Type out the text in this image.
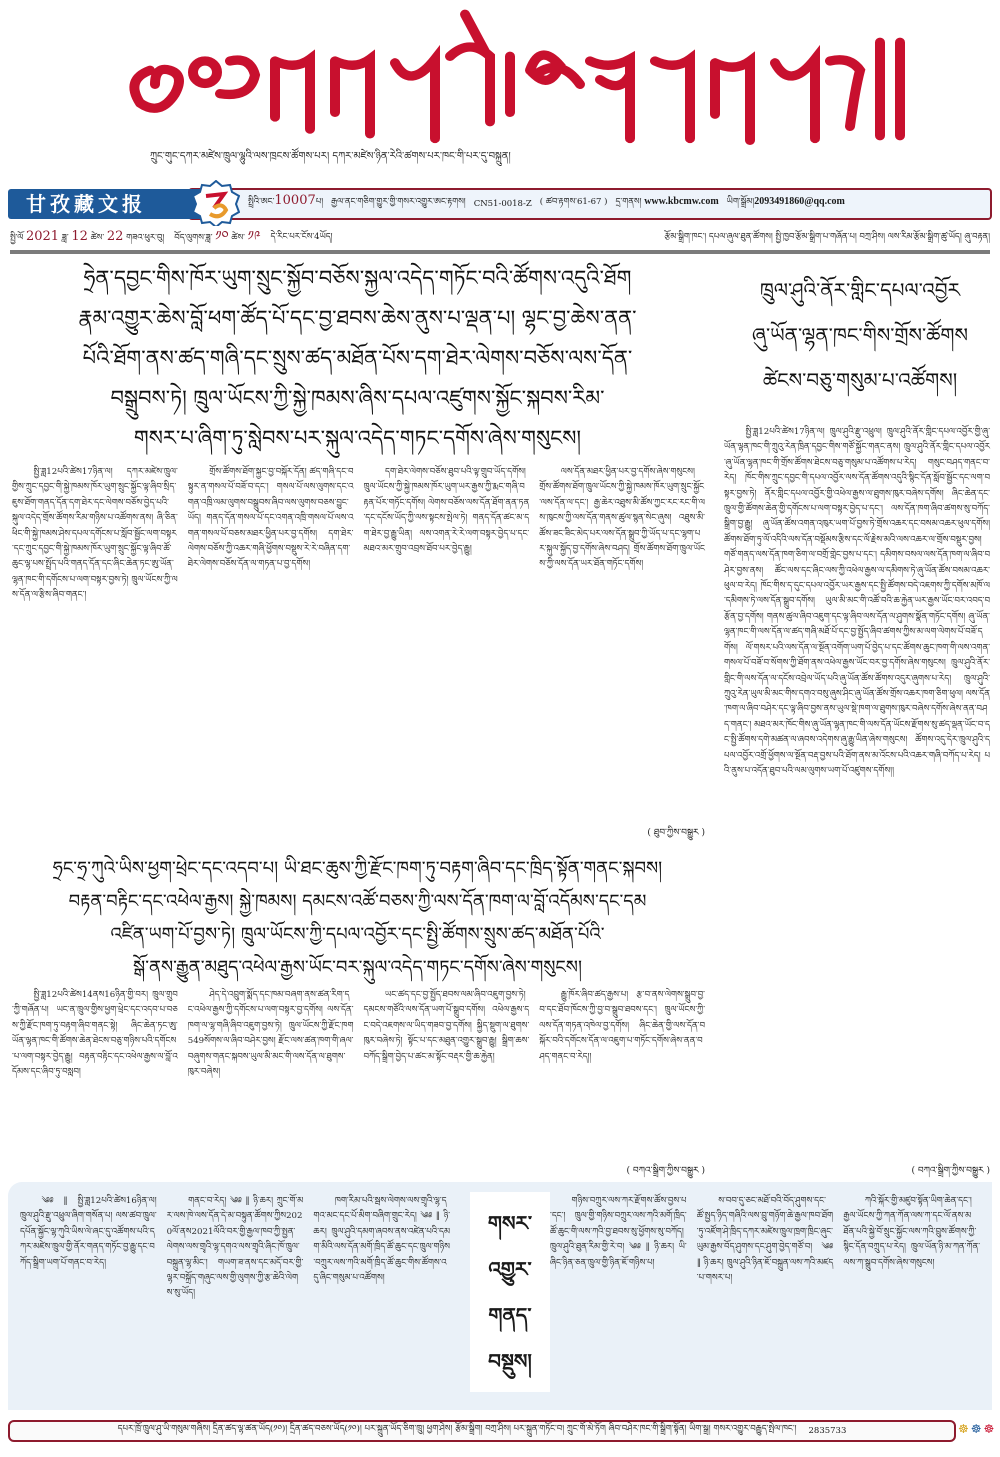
ཀྲུང་གུང་དཀར་མཛེས་ཁྲུལ་ལྷུའི་ལས་ཁྲངས་ཚོགས་པར། དཀར་མཛེས་ཉིན་རེའི་ཚགས་པར་ཁང་གི་པར་དུ་བསྐྲུན།
甘孜藏文报	སྤྲིའི་ཨང་10007པ། རྒྱལ་ནང་གཅིག་གྱུར་གྱི་གསར་འགྱུར་ཨང་རྟགས། CN51-0018-Z ( ཚབ་རྟགས་61-67 ) དྲ་གནས། www.kbcmw.com ཡིག་སྒྲོམ།2093491860@qq.com
སྤྱི་ལོ 2021 ཟླ་ 12 ཚེས་ 22 གཟའ་ཕུར་བུ། བོད་ལུགས་ཟླ་ ༡༠ ཚེས་ ༡༩ དེ་རིང་པར་ངོས་4ཡོད།	རྩོམ་སྒྲིག་ཁང་། དཔལ་ཞུལ་ཐུན་ཚོགས། སྤྱི་ཁྱབ་རྩོམ་སྒྲིག་པ་གཞོན་པ། བཀྲ་ཤིས། ལས་རིམ་རྩོམ་སྒྲིག་ཚུ་ཡོད། ཞུ་བརྟན།
ཧྲེན་དབྱང་གིས་ཁོར་ཡུག་སྲུང་སྐྱོབ་བཅོས་སྐྱལ་འདེད་གཏོང་བའི་ཚོགས་འདུའི་ཐོག
རྣམ་འགྱུར་ཆེས་བློ་ཕག་ཚོད་པོ་དང་བྱ་ཐབས་ཆེས་ནུས་པ་ལྡན་པ། ལྷང་བྱ་ཆེས་ནན་
པོའི་ཐོག་ནས་ཚད་གཞི་དང་སྲུས་ཚད་མཐོན་པོས་དག་ཐེར་ལེགས་བཅོས་ལས་དོན་
བསྒྲུབས་ཏེ། ཁྲུལ་ཡོངས་ཀྱི་སྐྱེ་ཁམས་ཞིས་དཔལ་འཛུགས་སྐྱོང་སྐབས་རིམ་
གསར་པ་ཞིག་ཏུ་སླེབས་པར་སྐུལ་འདེད་གཏང་དགོས་ཞེས་གསུངས།

སྤྱི་ཟླ12པའི་ཚེས17ཉིན་ལ། དཀར་མཛེས་ཁྲུལ་གྱིས་ཀྲུང་དབྱང་གི་སྐྱེ་ཁམས་ཁོར་ཡུག་སྲུང་སྐྱོང་ལྟ་ཞིབ་སྲིད་ཇུས་ཐོག་གནད་དོན་དག་ཐེར་དང་ལེགས་བཅོས་བྱེད་པའི་སྐུལ་འདེད་གྲོས་ཚོགས་རིམ་གཉིས་པ་འཚོགས་ནས། ཞི་ཅིན་ཕིང་གི་སྐྱེ་ཁམས་ཤེས་དཔལ་དགོངས་པ་སློབ་སྦྱོང་ལག་བསྟར་དང་ཀྲུང་དབྱང་གི་སྐྱེ་ཁམས་ཁོར་ཡུག་སྲུང་སྐྱོང་ལྟ་ཞིབ་ཚོ་ཆུང་ལྷ་པས་སྤྲོད་པའི་གནད་དོན་དང་ཞིང་ཆེན་ཏང་ཨུ་ཡོན་ལྷན་ཁང་གི་དགོངས་པ་ལག་བསྟར་བྱས་ཏེ། ཁྲུལ་ཡོངས་ཀྱི་ལས་དོན་ལ་རྩིས་ཞིབ་གནང་།

གྲོས་ཚོགས་ཐོག་སྐྱང་བྱ་བསྐོར་དོན། ཚད་གཞི་དང་བསྟུར་ན་གསལ་པོ་བཟོ་བ་དང་། གསལ་པོ་ལས་ལུགས་དང་འགན་འཁྲི་ལམ་ལུགས་བསྒྲུབས་ཞིབ་ལས་ལུགས་བཅས་བྱུང་ཡོད། གནད་དོན་གསལ་པོ་དང་འགན་འཁྲི་གསལ་པོ་ལས་འགན་གསལ་པོ་བཅས་མཐར་ཕྱིན་པར་བྱ་དགོས། དག་ཐེར་ལེགས་བཅོས་ཀྱི་འཆར་གཞི་ཕྱོགས་བསྡུས་རེ་རེ་བཞིན་དག་ཐེར་ལེགས་བཅོས་དོན་ལ་གཏན་པ་བྱ་དགོས།

དག་ཐེར་ལེགས་བཅོས་ཐུབ་པའི་ལྟ་གྲུབ་ཡོད་དགོས། ཁྲུལ་ཡོངས་ཀྱི་སྐྱེ་ཁམས་ཁོར་ཡུག་ཡར་རྒྱས་ཀྱི་རྨང་གཞི་བརྟན་པོར་གཏོང་དགོས། ལེགས་བཅོས་ལས་དོན་ཐོག་ནན་ཏན་དང་དངོས་ཡོད་ཀྱི་ལས་སྟངས་སྤེལ་ཏེ། གནད་དོན་ཚང་མ་དག་ཐེར་བྱ་རྒྱུ་ཡིན། ལས་འགན་རེ་རེ་ལག་བསྟར་བྱེད་པ་དང་མཐའ་མར་གྲུབ་འབྲས་ཐོབ་པར་བྱེད་རྒྱུ།

ལས་དོན་མཐར་ཕྱིན་པར་བྱ་དགོས་ཞེས་གསུངས། གྲོས་ཚོགས་ཐོག་ཁྲུལ་ཡོངས་ཀྱི་སྐྱེ་ཁམས་ཁོར་ཡུག་སྲུང་སྐྱོང་ལས་དོན་ལ་དང་། རྒྱ་ཆེར་འཐུས་མི་ཚོས་ཀྱང་རང་རང་གི་ལས་ཁུངས་ཀྱི་ལས་དོན་གནས་ཚུལ་སྙན་སེང་ཞུས། འཐུས་མི་ཚོས་ཟང་ཟིང་མེད་པར་ལས་དོན་སྒྲུབ་ཀྱི་ཡོད་པ་དང་ལྷག་པར་སྐུལ་སྐྱོད་བྱ་དགོས་ཞེས་བཤད། གྲོས་ཚོགས་ཐོག་ཁྲུལ་ཡོངས་ཀྱི་ལས་དོན་ཡར་ཐོན་གཏོང་དགོས།

( ཐུབ་ཀྱིས་བསྒྱུར )
ཧྲང་ཧྲ་ཀུའེ་ཡིས་ཕྱག་ཕྲེང་དང་འདབ་པ། ཡི་ཐང་ཆུས་ཀྱི་རྫོང་ཁག་ཏུ་བརྟག་ཞིབ་དང་ཁྲིད་སྟོན་གནང་སྐབས།
བརྟན་བརྟིང་དང་འཕེལ་རྒྱས། སྐྱེ་ཁམས། དམངས་འཚོ་བཅས་ཀྱི་ལས་དོན་ཁག་ལ་བློ་འདོམས་དང་དམ
འཛིན་ཡག་པོ་བྱས་ཏེ། ཁྲུལ་ཡོངས་ཀྱི་དཔལ་འབྱོར་དང་སྤྱི་ཚོགས་སྲུས་ཚད་མཐོན་པོའི་
སྒོ་ནས་རྒྱུན་མཐུད་འཕེལ་རྒྱས་ཡོང་བར་སྐུལ་འདེད་གཏང་དགོས་ཞེས་གསུངས།

སྤྱི་ཟླ12པའི་ཚེས14ནས16ཉིན་གྱི་བར། ཁྲུལ་གྲུབ་ཀྱི་གཞོན་པ། ཡང་ན་ཁྲུལ་གྱིས་ཕྱག་ཕྲེང་དང་འདབ་པ་བཅས་ཀྱི་རྫོང་ཁག་ཏུ་བརྟག་ཞིབ་གནང་སྟེ། ཞིང་ཆེན་ཏང་ཨུ་ཡོན་ལྷན་ཁང་གི་ཚོགས་ཆེན་ཐེངས་བཅུ་གཉིས་པའི་དགོངས་པ་ལག་བསྟར་བྱེད་རྒྱུ། བརྟན་བརྟིང་དང་འཕེལ་རྒྱས་ལ་བློ་འདོམས་དང་ཞིབ་ཏུ་བསླབ།

ཤེད་དེ་འབྲུག་སྨོད་དང་ཁམ་བཞག་ནས་ཚན་རིག་དང་འཕེལ་རྒྱས་ཀྱི་དགོངས་པ་ལག་བསྟར་བྱ་དགོས། ལས་དོན་ཁག་ལ་ལྷ་གཞི་ཞིབ་འཇུག་བྱས་ཏེ། ཁྲུལ་ཡོངས་ཀྱི་རྫོང་ཁག549སོགས་ལ་ཞིབ་བཤེར་བྱས། རྫོང་ལས་ཚན་ཁག་གི་ཞལ་བཞུགས་གནང་སྐབས་ཡུལ་མི་མང་གི་ལས་དོན་ལ་ཐུགས་ཁུར་བཞེས།

ཡང་ཚད་དང་བྱ་སྤྱོད་ཐབས་ལམ་ཞིབ་འཇུག་བྱས་ཏེ། དམངས་གཙོའི་ལས་དོན་ཡག་པོ་སྒྲུབ་དགོས། འཕེལ་རྒྱས་དང་བདེ་འཇགས་ལ་ཡིད་གཟབ་བྱ་དགོས། སྐྱིད་སྡུག་ལ་ཐུགས་ཁུར་བཞེས་ཏེ། སྟོང་པ་དང་མཐུན་འགྱུར་སྒྲུབ་རྒྱུ། སྒྲིག་ཆས་བཀོད་སྒྲིག་བྱེད་པ་ཚང་མ་སྟོང་བརྡར་གྱི་ཆ་རྐྱེན།

རྒྱུ་ཁོར་ཞིབ་ཚད་རྒྱས་པ། རྩ་བ་ནས་ལེགས་སྒྲུབ་བྱ་བ་དང་ཐོབ་ཁོངས་ཀྱི་བྱ་བ་སྒྲུབ་ཐབས་དང་། ཁྲུལ་ཡོངས་ཀྱི་ལས་དོན་གཏན་འཁེལ་བྱ་དགོས། ཞིང་ཆེན་གྱི་ལས་དོན་བསྐོར་བའི་དགོངས་དོན་ལ་འཇུག་པ་གཏོང་དགོས་ཞེས་ནན་བཤད་གནང་བ་རེད།།

( བཀའ་སྒྲིག་ཀྱིས་བསྒྱུར )
ཁྲུལ་ཤུའི་ནོར་གླིང་དཔལ་འབྱོར
ཞུ་ཡོན་ལྷན་ཁང་གིས་གྲོས་ཚོགས
ཚེངས་བཅུ་གསུམ་པ་འཚོགས།

སྤྱི་ཟླ12པའི་ཚེས17ཉིན་ལ། ཁྲུལ་ཤུའི་རྫུ་འཕྲུལ། ཁྲུལ་ཤུའི་ནོར་གླིང་དཔལ་འབྱོར་གྱི་ཞུ་ཡོན་ལྷན་ཁང་གི་ཀྲུའུ་རེན་ཁྲིན་དབྱང་གིས་གཙོ་སྐྱོང་གནང་ནས། ཁྲུལ་ཤུའི་ནོར་གླིང་དཔལ་འབྱོར་ཞུ་ཡོན་ལྷན་ཁང་གི་གྲོས་ཚོགས་ཐེངས་བཅུ་གསུམ་པ་འཚོགས་པ་རེད། གསུང་བཤད་གནང་བ་རེད། ཁོང་གིས་ཀྲུང་དབྱང་གི་དཔལ་འབྱོར་ལས་དོན་ཚོགས་འདུའི་སྙིང་དོན་སློབ་སྦྱོང་དང་ལག་བསྟར་བྱས་ཏེ། ནོར་གླིང་དཔལ་འབྱོར་གྱི་འཕེལ་རྒྱས་ལ་ཐུགས་ཁུར་བཞེས་དགོས། ཞིང་ཆེན་དང་ཁྲུལ་གྱི་ཚོགས་ཆེན་གྱི་དགོངས་པ་ལག་བསྟར་བྱེད་པ་དང་། ལས་དོན་ཁག་ཞིབ་ཚགས་སུ་བཀོད་སྒྲིག་བྱ་རྒྱུ། ཞུ་ཡོན་ཚོས་འགན་འཁུར་ཡག་པོ་བྱས་ཏེ་གྲོས་འཆར་དང་བསམ་འཆར་ཕུལ་དགོས། ཚོགས་ཐོག་ཏུ་ལོ་འདིའི་ལས་དོན་བསྡོམས་རྩིས་དང་ལོ་རྗེས་མའི་ལས་འཆར་ལ་གྲོས་བསྡུར་བྱས། གཙོ་གནད་ལས་དོན་ཁག་ཅིག་ལ་བགྲོ་གླེང་བྱས་པ་དང་། དམིགས་བསལ་ལས་དོན་ཁག་ལ་ཞིབ་བཤེར་བྱས་ནས། ཚོང་ལས་དང་ཞིང་ལས་ཀྱི་འཕེལ་རྒྱས་ལ་དམིགས་ཏེ་ཞུ་ཡོན་ཚོས་བསམ་འཆར་ཕུལ་བ་རེད། ཁོང་གིས་ད་དུང་དཔལ་འབྱོར་ཡར་རྒྱས་དང་སྤྱི་ཚོགས་བདེ་འཇགས་ཀྱི་དགོས་མཁོ་ལ་དམིགས་ཏེ་ལས་དོན་སྒྲུབ་དགོས། ཡུལ་མི་མང་གི་འཚོ་བའི་ཆ་རྐྱེན་ཡར་རྒྱས་ཡོང་བར་འབད་བརྩོན་བྱ་དགོས། གནས་ཚུལ་ཞིབ་འཇུག་དང་ལྟ་ཞིབ་ལས་དོན་ལ་ཤུགས་སྣོན་གཏོང་དགོས། ཞུ་ཡོན་ལྷན་ཁང་གི་ལས་དོན་ལ་ཚད་གཞི་མཐོ་པོ་དང་བྱ་སྤྱོད་ཞིབ་ཚགས་ཀྱིས་མ་ལག་ལེགས་པོ་བཟོ་དགོས། ལོ་གསར་པའི་ལས་དོན་ལ་སྔོན་འགོག་ཡག་པོ་བྱེད་པ་དང་ཚོགས་ཆུང་ཁག་གི་ལས་འགན་གསལ་པོ་བཟོ་བ་སོགས་ཀྱི་ཐོག་ནས་འཕེལ་རྒྱས་ཡོང་བར་བྱ་དགོས་ཞེས་གསུངས། ཁྲུལ་ཤུའི་ནོར་གླིང་གི་ལས་དོན་ལ་དངོས་འབྲེལ་ཡོད་པའི་ཞུ་ཡོན་ཚོས་ཚོགས་འདུར་ཞུགས་པ་རེད། ཁྲུལ་ཤུའི་ཀྲུའུ་རེན་ཡུལ་མི་མང་གིས་དགའ་བསུ་ཞུས་ཤིང་ཞུ་ཡོན་ཚོས་གྲོས་འཆར་ཁག་ཅིག་ཕུལ། ལས་དོན་ཁག་ལ་ཞིབ་བཤེར་དང་ལྟ་ཞིབ་བྱས་ནས་ཡུལ་སྡེ་ཁག་ལ་ཐུགས་ཁུར་བཞེས་དགོས་ཞེས་ནན་བཤད་གནང་། མཐའ་མར་ཁོང་གིས་ཞུ་ཡོན་ལྷན་ཁང་གི་ལས་དོན་ཡོངས་རྫོགས་སུ་ཚད་ལྡན་ཡོང་བ་དང་སྤྱི་ཚོགས་དགེ་མཚན་ལ་ཞབས་འདེགས་ཞུ་རྒྱུ་ཡིན་ཞེས་གསུངས། ཚོགས་འདུ་དེར་ཁྲུལ་ཤུའི་དཔལ་འབྱོར་འགྲོ་ཕྱོགས་ལ་སྔོན་བརྡ་བྱས་པའི་ཐོག་ནས་མ་འོངས་པའི་འཆར་གཞི་བཀོད་པ་རེད། པའི་ནུས་པ་འདོན་ཐུབ་པའི་ལམ་ལུགས་ཡག་པོ་འཛུགས་དགོས།།

( བཀའ་སྒྲིག་ཀྱིས་བསྒྱུར )

༄༅ ‖ སྤྱི་ཟླ12པའི་ཚེས16ཉིན་ལ། ཁྲུལ་ཤུའི་རྫུ་འཕྲུལ་ཞིག་གསོན་པ། ལས་ཚབ་ཁྲུལ་དཔོན་སྐྱོང་ལྷ་ཀུའི་ཡིས་ལེ་ཞང་དུ་འཚོགས་པའི་དཀར་མཛེས་ཁྲུལ་གྱི་ནོར་གནད་གཏོང་བྱ་རྒྱུ་དང་བཀོད་སྒྲིག་ཡག་པོ་གནང་བ་རེད།

གནང་བ་རེད། ༄༅ ‖ ཉི་ཆར། ཀྲུང་གོ་མར་ལས་ཁེ་ལས་དོན་དེ་མ་བསྟུན་ཚོགས་ཀྱིས2020ལོ་ནས2021ལོའི་བར་གྱི་རྒྱལ་ཁབ་ཀྱི་སྤྱན་ལེགས་ལས་གྲྭའི་ལྷ་དགའ་ལས་གྲྭའི་ཞིང་ཁོ་ཁྲུལ་བསྐྲུན་ལྷ་མིང་། གཡག་ཟ་ནས་དང་མདོ་བར་གྱི་ལྷར་བསྐྲོད་གཞུང་ལས་གྱི་ལུགས་ཀྱི་རྩ་ཆེའི་ལེགས་སུ་ཡོད།

ཁག་རིམ་པའི་སྦས་ལེགས་ལས་གྲྭའི་ལྷ་དགའ་མང་དང་པོ་མིག་བཞིག་གྲུང་རེད། ༄༅ ‖ ཉི་ཆར། ཁྲུལ་ཤུའི་དམག་ཞབས་ནས་འཛེན་པའི་དམག་མིའི་ལས་དོན་མགོ་ཁྲིད་ཚོ་ཆུང་དང་ཁྲུལ་གཉིས་བཀྲུར་ལས་ཀའི་མགོ་ཁྲིད་ཚོ་ཆུང་གིས་ཚོགས་འདུ་ཞིང་གསུམ་པ་འཚོགས།

གཉིས་བཀྲུར་ལས་ཀར་རྫོགས་ཚོས་བྱས་པ་དང་། ཁྲུལ་གྱི་གཉིས་བཀྲུར་ལས་ཀའི་མགོ་ཁྲིད་ཚོ་ཆུང་གི་ལས་ཀའི་བྱ་ཐབས་སུ་ཕྱོགས་སུ་བཀོད། ཁྲུལ་ཤུའི་ཐུན་རིམ་གྱི་རེ་བ། ༄༅ ‖ ཉི་ཆར། ཡི་ཞིང་ཉིན་ཅན་ཁྲུལ་གྱི་ཉིན་ཇོ་གཉིས་པ།

ས་བབ་དུ་ཅང་མཐོ་བའི་བོད་ཤུགས་དང་ཚོ་སྤྱད་ཉིད་གཞིའི་ལས་བྲུ་གཉོག་ཆེ་རྒྱལ་ཁབ་ཐོག་ཏུ་འཛོག་ཤེ་ཁྲིད་དཀར་མཛེས་ཁྲུལ་ཁྲག་ཁྲིང་ཞུང་ཡུམ་རྒྱས་བོད་ཤུགས་དང་ཤུག་བྱེད་གཙོ་བ། ༄༅ ‖ ཉི་ཆར། ཁྲུལ་ཤུའི་ཉིན་ཇོ་བསྐྲུན་ལས་ཀའི་མཛད་པ་གསར་པ།

ཀའི་སྐོར་གྱི་མཛུབ་སྟོན་ཡིག་ཆེན་དང་། རྒྱལ་ཡོངས་ཀྱི་ཀན་ཀོན་ལས་ཀ་དང་ལོ་ནས་མཐོན་པའི་སྐྱེ་བོ་སྲུང་སྐྱོང་ལས་ཀའི་བྲུས་ཚོགས་ཀྱི་སྙིང་དོན་བཀྲུད་པ་རེད། ཁྲུལ་ཡོན་ཉི་མ་ཀན་ཀོན་ལས་ཀ་སྒྲུབ་དགོས་ཞེས་གསུངས།

གསར་
འགྱུར་
གནད་
བསྡུས།
དཔར་ཁྲོ་ཁྲུལ་ཤུ་ཡི་གསུམ་གཞིས། དྲིན་ཚད་ལྷ་ཚན་ཡོད(༡༠)། དྲིན་ཚད་བཅས་ཡོད(༡༠)། པར་སྐྲུན་ཡོད་ཅིག་ཁྲུ། ཕྱག་ཤེས། རྩོམ་སྒྲིག། བཀྲ་ཤིས། པར་སྐྲུན་གཏོང་བ། ཀྲུང་གོ་མེ་ཏོག ཞིབ་བཤེར་ཁང་གི་སྒྲིག་སྟོན། ཡིག་སྒྲ། གསར་འགྱུར་བརྒྱུད་སྤེལ་ཁང་། 2835733	☸ ☸ ☸
